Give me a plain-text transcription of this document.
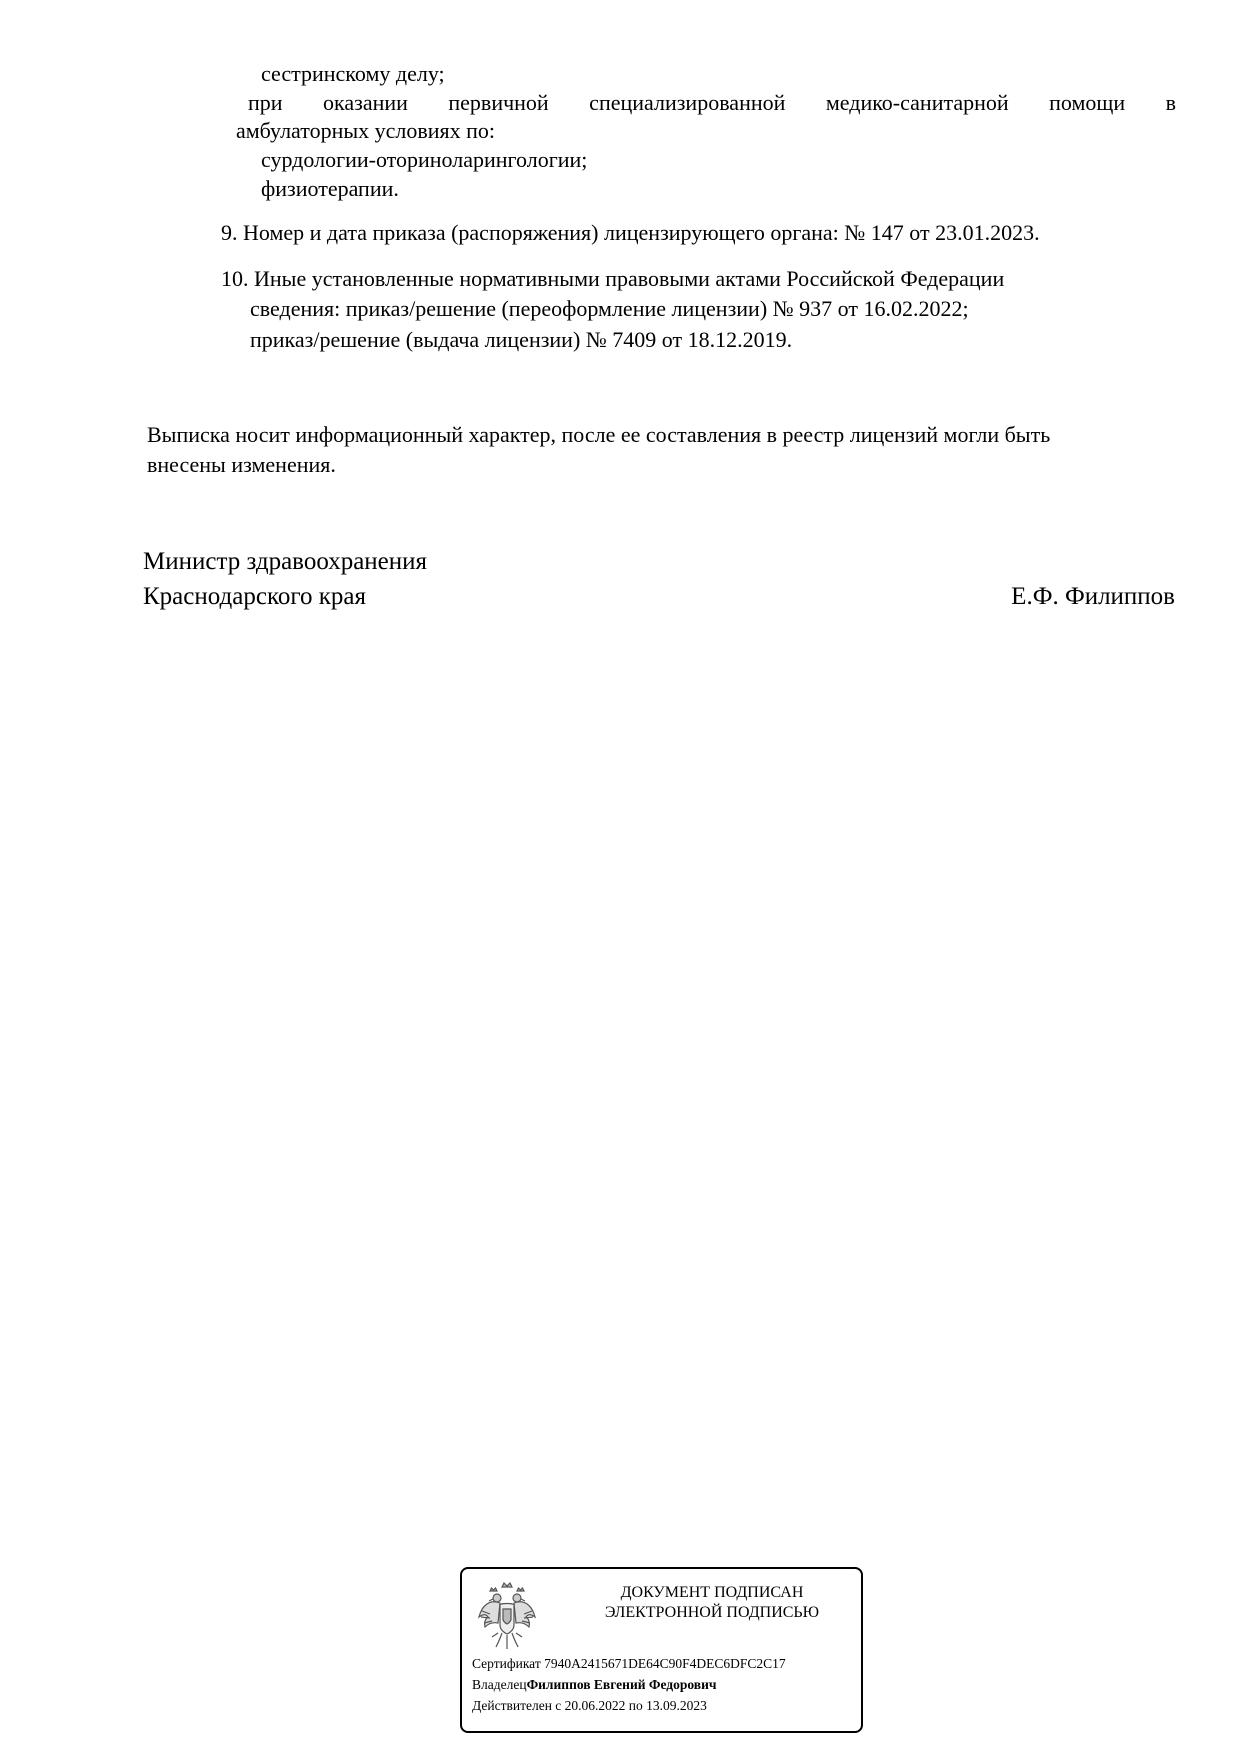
сестринскому делу;
при оказании первичной специализированной медико-санитарной помощи в
амбулаторных условиях по:
сурдологии-оториноларингологии;
физиотерапии.
9. Номер и дата приказа (распоряжения) лицензирующего органа: № 147 от 23.01.2023.
10. Иные установленные нормативными правовыми актами Российской Федерации
сведения: приказ/решение (переоформление лицензии) № 937 от 16.02.2022;
приказ/решение (выдача лицензии) № 7409 от 18.12.2019.
Выписка носит информационный характер, после ее составления в реестр лицензий могли быть
внесены изменения.
Министр здравоохранения
Краснодарского края	Е.Ф. Филиппов
ДОКУМЕНТ ПОДПИСАН
ЭЛЕКТРОННОЙ ПОДПИСЬЮ
Сертификат 7940A2415671DE64C90F4DEC6DFC2C17
ВладелецФилиппов Евгений Федорович
Действителен с 20.06.2022 по 13.09.2023
